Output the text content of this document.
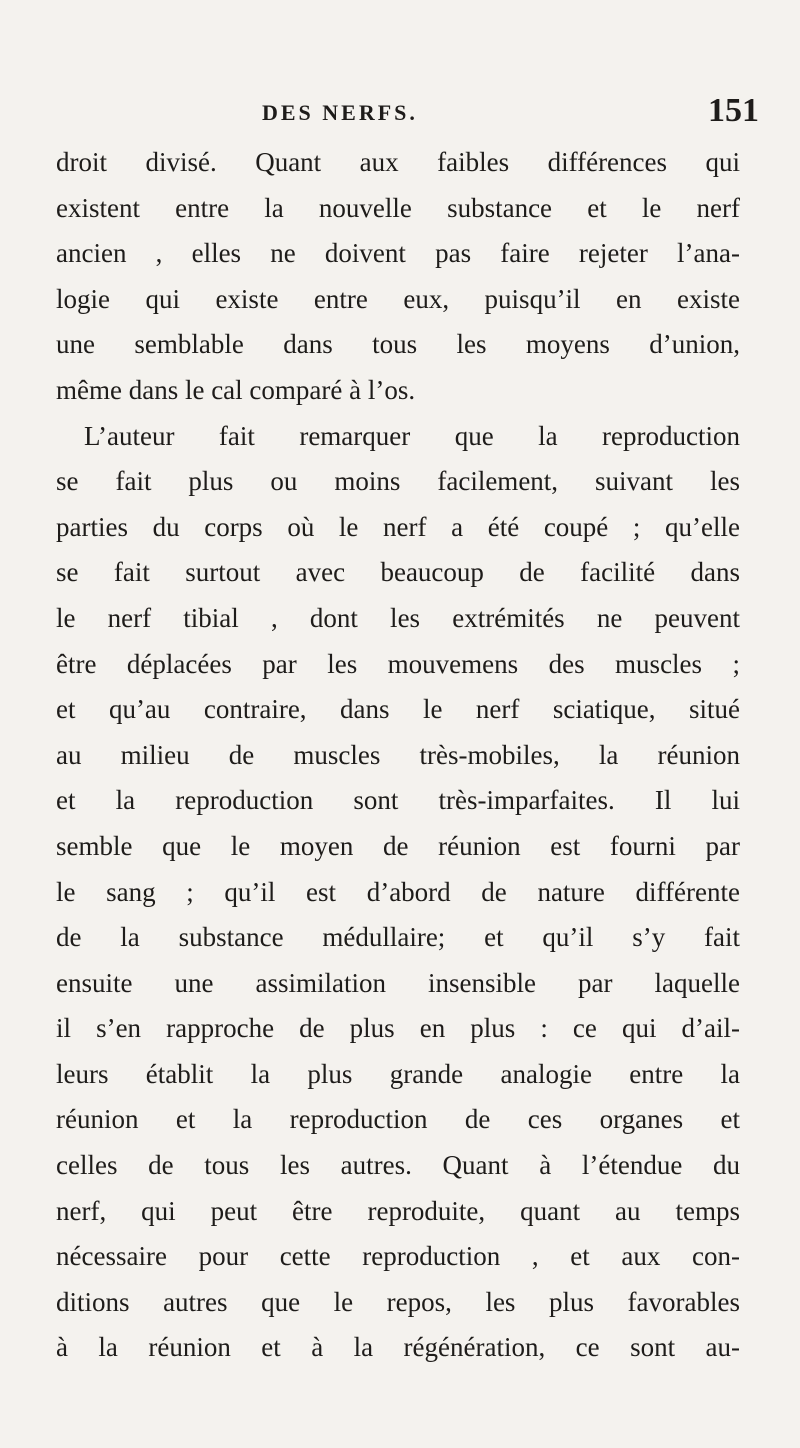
DES NERFS.	151
droit divisé. Quant aux faibles différences qui
existent entre la nouvelle substance et le nerf
ancien , elles ne doivent pas faire rejeter l’ana-
logie qui existe entre eux, puisqu’il en existe
une semblable dans tous les moyens d’union,
même dans le cal comparé à l’os.
L’auteur fait remarquer que la reproduction
se fait plus ou moins facilement, suivant les
parties du corps où le nerf a été coupé ; qu’elle
se fait surtout avec beaucoup de facilité dans
le nerf tibial , dont les extrémités ne peuvent
être déplacées par les mouvemens des muscles ;
et qu’au contraire, dans le nerf sciatique, situé
au milieu de muscles très-mobiles, la réunion
et la reproduction sont très-imparfaites. Il lui
semble que le moyen de réunion est fourni par
le sang ; qu’il est d’abord de nature différente
de la substance médullaire; et qu’il s’y fait
ensuite une assimilation insensible par laquelle
il s’en rapproche de plus en plus : ce qui d’ail-
leurs établit la plus grande analogie entre la
réunion et la reproduction de ces organes et
celles de tous les autres. Quant à l’étendue du
nerf, qui peut être reproduite, quant au temps
nécessaire pour cette reproduction , et aux con-
ditions autres que le repos, les plus favorables
à la réunion et à la régénération, ce sont au-
